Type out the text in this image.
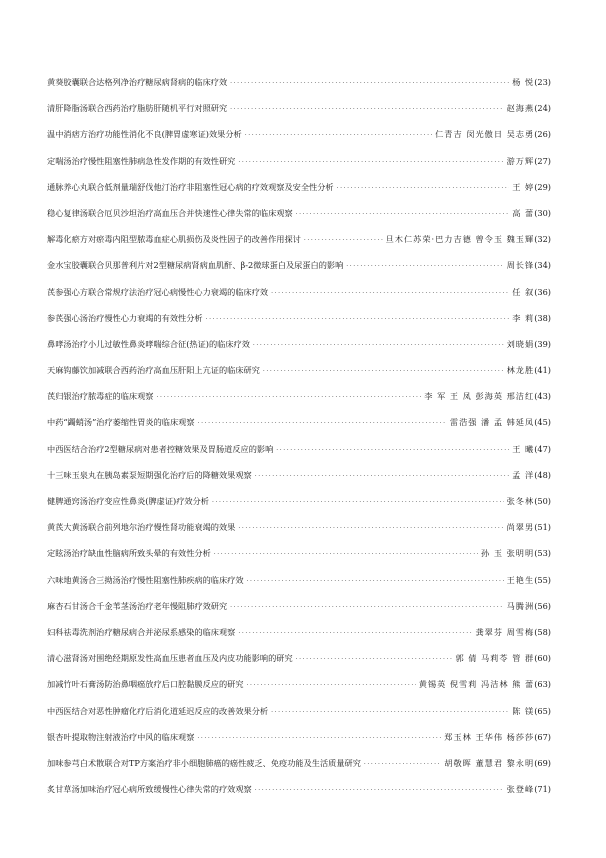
黄葵胶囊联合达格列净治疗糖尿病肾病的临床疗效 ·····	杨 悦 (23)
清肝降脂汤联合西药治疗脂肪肝随机平行对照研究 ·····	赵海燕 (24)
温中消痞方治疗功能性消化不良(脾胃虚寒证)效果分析 ·····	仁青吉 闵光傲日 吴志勇 (26)
定喘汤治疗慢性阻塞性肺病急性发作期的有效性研究 ·····	游万辉 (27)
通脉养心丸联合低剂量瑞舒伐他汀治疗非阻塞性冠心病的疗效观察及安全性分析 ·····	王 婷 (29)
稳心复律汤联合厄贝沙坦治疗高血压合并快速性心律失常的临床观察 ·····	高 蕾 (30)
解毒化瘀方对瘀毒内阻型脓毒血症心肌损伤及炎性因子的改善作用探讨 ·····	旦木仁苏荣·巴力吉德 曾令玉 魏玉輝 (32)
金水宝胶囊联合贝那普利片对2型糖尿病肾病血肌酐、β-2微球蛋白及尿蛋白的影响 ·····	周长锋 (34)
芪参强心方联合常规疗法治疗冠心病慢性心力衰竭的临床疗效 ·····	任 叙 (36)
参芪强心汤治疗慢性心力衰竭的有效性分析 ·····	李 莉 (38)
鼻哮汤治疗小儿过敏性鼻炎哮喘综合征(热证)的临床疗效 ·····	刘晓娟 (39)
天麻钩藤饮加减联合西药治疗高血压肝阳上亢证的临床研究 ·····	林龙胜 (41)
芪归银治疗脓毒症的临床观察 ·····	李 军 王 凤 彭海英 邢洁红 (43)
中药“蠲蛸汤”治疗萎缩性胃炎的临床观察 ·····	雷浩强 潘 孟 韩延凤 (45)
中西医结合治疗2型糖尿病对患者控糖效果及胃肠道反应的影响 ·····	王 曦 (47)
十三味玉泉丸在胰岛素泵短期强化治疗后的降糖效果观察 ·····	孟 洋 (48)
健脾通窍汤治疗变应性鼻炎(脾虚证)疗效分析 ·····	张冬林 (50)
黄芪大黄汤联合前列地尔治疗慢性肾功能衰竭的效果 ·····	尚翠男 (51)
定眩汤治疗缺血性脑病所致头晕的有效性分析 ·····	孙 玉 张明明 (53)
六味地黄汤合三拗汤治疗慢性阻塞性肺疾病的临床疗效 ·····	王艳生 (55)
麻杏石甘汤合千金苇茎汤治疗老年慢阻肺疗效研究 ·····	马腾洲 (56)
妇科祛毒洗剂治疗糖尿病合并泌尿系感染的临床观察 ·····	龚翠芬 周雪梅 (58)
清心滋肾汤对围绝经期原发性高血压患者血压及内皮功能影响的研究 ·····	郭 倩 马莉苓 管 群 (60)
加减竹叶石膏汤防治鼻咽癌放疗后口腔黏膜反应的研究 ·····	黄锡英 倪雪莉 冯洁林 熊 蕾 (63)
中西医结合对恶性肿瘤化疗后消化道延迟反应的改善效果分析 ·····	陈 镁 (65)
银杏叶提取物注射液治疗中风的临床观察 ·····	郑玉林 王华伟 杨莎莎 (67)
加味参芎白术散联合对TP方案治疗非小细胞肺癌的癌性疲乏、免疫功能及生活质量研究 ·····	胡敬晖 董慧君 黎永明 (69)
炙甘草汤加味治疗冠心病所致缓慢性心律失常的疗效观察 ·····	张登峰 (71)
